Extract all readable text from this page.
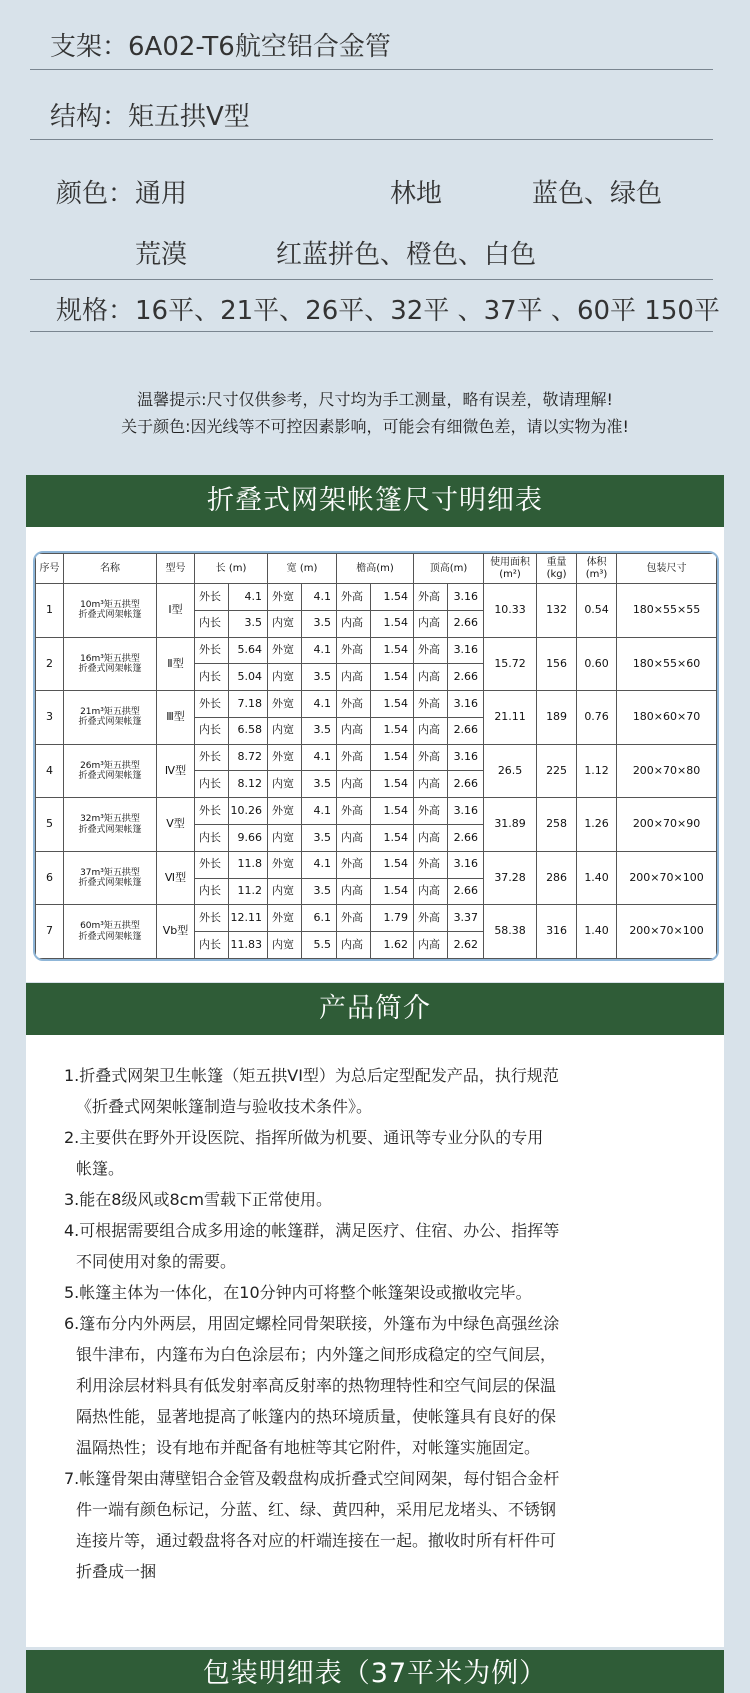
支架： 6A02-T6航空铝合金管
结构： 矩五拱V型
颜色： 通用	林地	蓝色、绿色
荒漠	红蓝拼色、橙色、白色
规格： 16平、21平、26平、32平 、37平 、60平 150平
温馨提示:尺寸仅供参考，尺寸均为手工测量，略有误差，敬请理解!
关于颜色:因光线等不可控因素影响，可能会有细微色差，请以实物为准!
折叠式网架帐篷尺寸明细表
序号	名称	型号	长 (m)		宽 (m)		檐高(m)		顶高(m)		使用面积(m²)	重量(kg)	体积(m³)	包装尺寸
1	10m³矩五拱型
折叠式网架帐篷	Ⅰ型	外长	4.1	外宽	4.1	外高	1.54	外高	3.16	10.33	132	0.54	180×55×55
			内长	3.5	内宽	3.5	内高	1.54	内高	2.66				
2	16m³矩五拱型
折叠式网架帐篷	Ⅱ型	外长	5.64	外宽	4.1	外高	1.54	外高	3.16	15.72	156	0.60	180×55×60
			内长	5.04	内宽	3.5	内高	1.54	内高	2.66				
3	21m³矩五拱型
折叠式网架帐篷	Ⅲ型	外长	7.18	外宽	4.1	外高	1.54	外高	3.16	21.11	189	0.76	180×60×70
			内长	6.58	内宽	3.5	内高	1.54	内高	2.66				
4	26m³矩五拱型
折叠式网架帐篷	Ⅳ型	外长	8.72	外宽	4.1	外高	1.54	外高	3.16	26.5	225	1.12	200×70×80
			内长	8.12	内宽	3.5	内高	1.54	内高	2.66				
5	32m³矩五拱型
折叠式网架帐篷	Ⅴ型	外长	10.26	外宽	4.1	外高	1.54	外高	3.16	31.89	258	1.26	200×70×90
			内长	9.66	内宽	3.5	内高	1.54	内高	2.66				
6	37m³矩五拱型
折叠式网架帐篷	Ⅵ型	外长	11.8	外宽	4.1	外高	1.54	外高	3.16	37.28	286	1.40	200×70×100
			内长	11.2	内宽	3.5	内高	1.54	内高	2.66				
7	60m³矩五拱型
折叠式网架帐篷	Ⅴb型	外长	12.11	外宽	6.1	外高	1.79	外高	3.37	58.38	316	1.40	200×70×100
			内长	11.83	内宽	5.5	内高	1.62	内高	2.62				
产品简介

1.折叠式网架卫生帐篷（矩五拱VI型）为总后定型配发产品，执行规范

《折叠式网架帐篷制造与验收技术条件》。

2.主要供在野外开设医院、指挥所做为机要、通讯等专业分队的专用

帐篷。

3.能在8级风或8cm雪载下正常使用。

4.可根据需要组合成多用途的帐篷群，满足医疗、住宿、办公、指挥等

不同使用对象的需要。

5.帐篷主体为一体化，在10分钟内可将整个帐篷架设或撤收完毕。

6.篷布分内外两层，用固定螺栓同骨架联接，外篷布为中绿色高强丝涂

银牛津布，内篷布为白色涂层布；内外篷之间形成稳定的空气间层，

利用涂层材料具有低发射率高反射率的热物理特性和空气间层的保温

隔热性能，显著地提高了帐篷内的热环境质量，使帐篷具有良好的保

温隔热性；设有地布并配备有地桩等其它附件，对帐篷实施固定。

7.帐篷骨架由薄壁铝合金管及毂盘构成折叠式空间网架，每付铝合金杆

件一端有颜色标记，分蓝、红、绿、黄四种，采用尼龙堵头、不锈钢

连接片等，通过毂盘将各对应的杆端连接在一起。撤收时所有杆件可

折叠成一捆

包装明细表（37平米为例）
